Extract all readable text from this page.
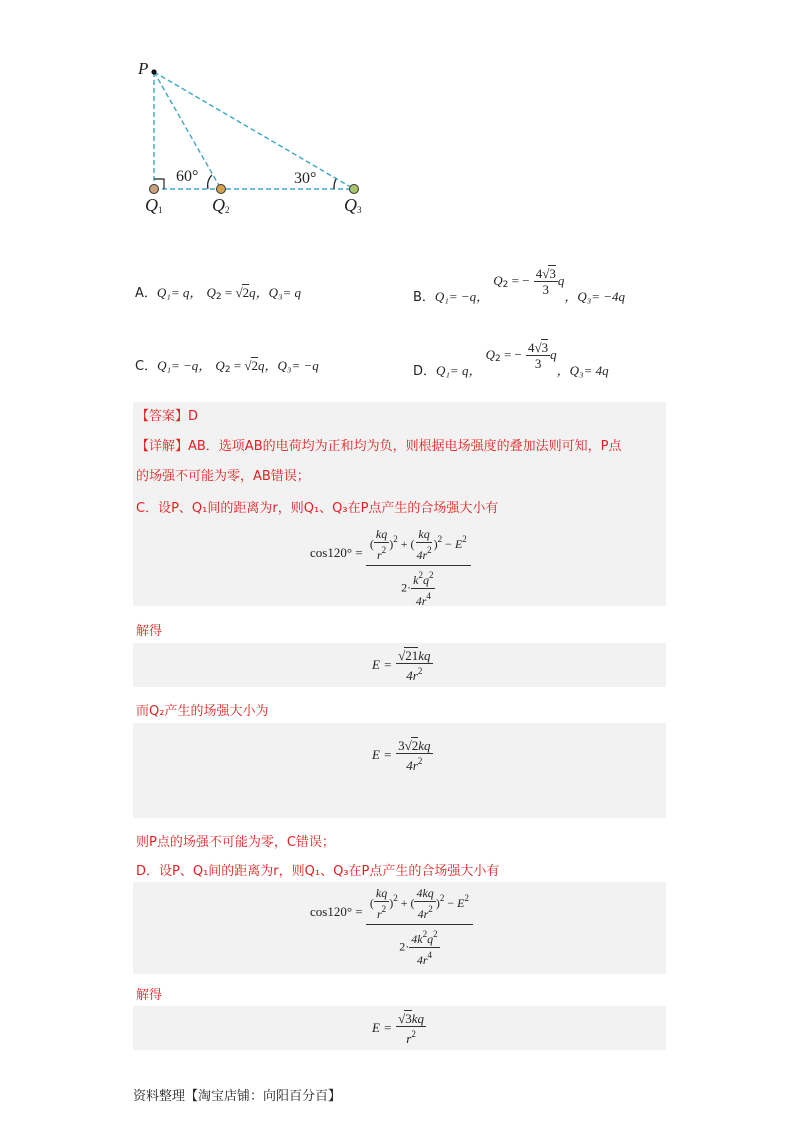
P
60°	30°
$Q_1$	$Q_2$	$Q_3$
A．Q₁= q， $Q_2 = √2q$，Q₃= q	B．Q₁= −q， $Q_2$ = − $\frac{4√3}{3}$ q，Q₃= −4q
C．Q₁= −q， $Q_2 = √2q$，Q₃= −q	D．Q₁= q， $Q_2$ = − $\frac{4√3}{3}$ q，Q₃= 4q
【答案】D
【详解】AB．选项AB的电荷均为正和均为负，则根据电场强度的叠加法则可知，P点
的场强不可能为零，AB错误；
C．设P、Q₁间的距离为r，则Q₁、Q₃在P点产生的合场强大小有
cos120° =
( $\frac{kq}{r^2} )^2$ + ( $\frac{kq}{4r^2} )^2 - E^2$
$2\cdot \frac{k^2q^2}{4r^4}$
解得
$E = \frac{√21kq}{4r^2}$
而Q₂产生的场强大小为
$E = \frac{3√2kq}{4r^2}$
则P点的场强不可能为零，C错误；
D．设P、Q₁间的距离为r，则Q₁、Q₃在P点产生的合场强大小有
cos120° =
( $\frac{kq}{r^2} )^2$ + ( $\frac{4kq}{4r^2} )^2 - E^2$
$2\cdot \frac{4k^2q^2}{4r^4}$
解得
$E = \frac{√3kq}{r^2}$
资料整理【淘宝店铺：向阳百分百】
